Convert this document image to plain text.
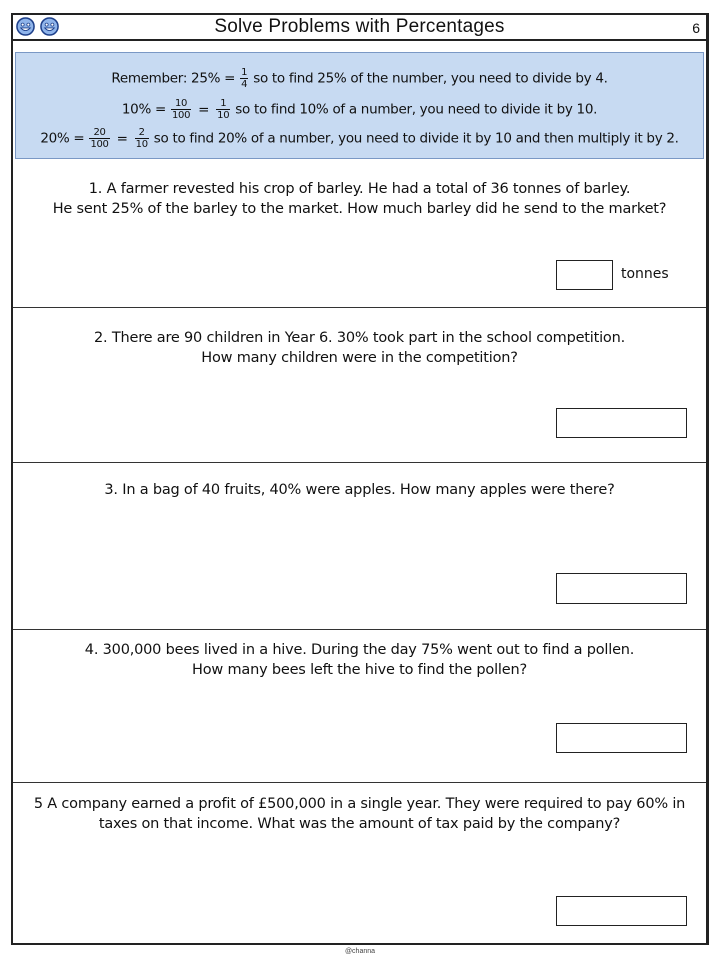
Solve Problems with Percentages	6
Remember: $25\% = \frac{1}{4}$ so to find 25% of the number, you need to divide by 4.
$10\% = \frac{10}{100} = \frac{1}{10}$ so to find 10% of a number, you need to divide it by 10.
$20\% = \frac{20}{100} = \frac{2}{10}$ so to find 20% of a number, you need to divide it by 10 and then multiply it by 2.
1. A farmer revested his crop of barley. He had a total of 36 tonnes of barley.
He sent 25% of the barley to the market. How much barley did he send to the market?
tonnes
2. There are 90 children in Year 6. 30% took part in the school competition.
How many children were in the competition?
3. In a bag of 40 fruits, 40% were apples. How many apples were there?
4. 300,000 bees lived in a hive. During the day 75% went out to find a pollen.
How many bees left the hive to find the pollen?
5 A company earned a profit of £500,000 in a single year. They were required to pay 60% in
taxes on that income. What was the amount of tax paid by the company?
@channa
